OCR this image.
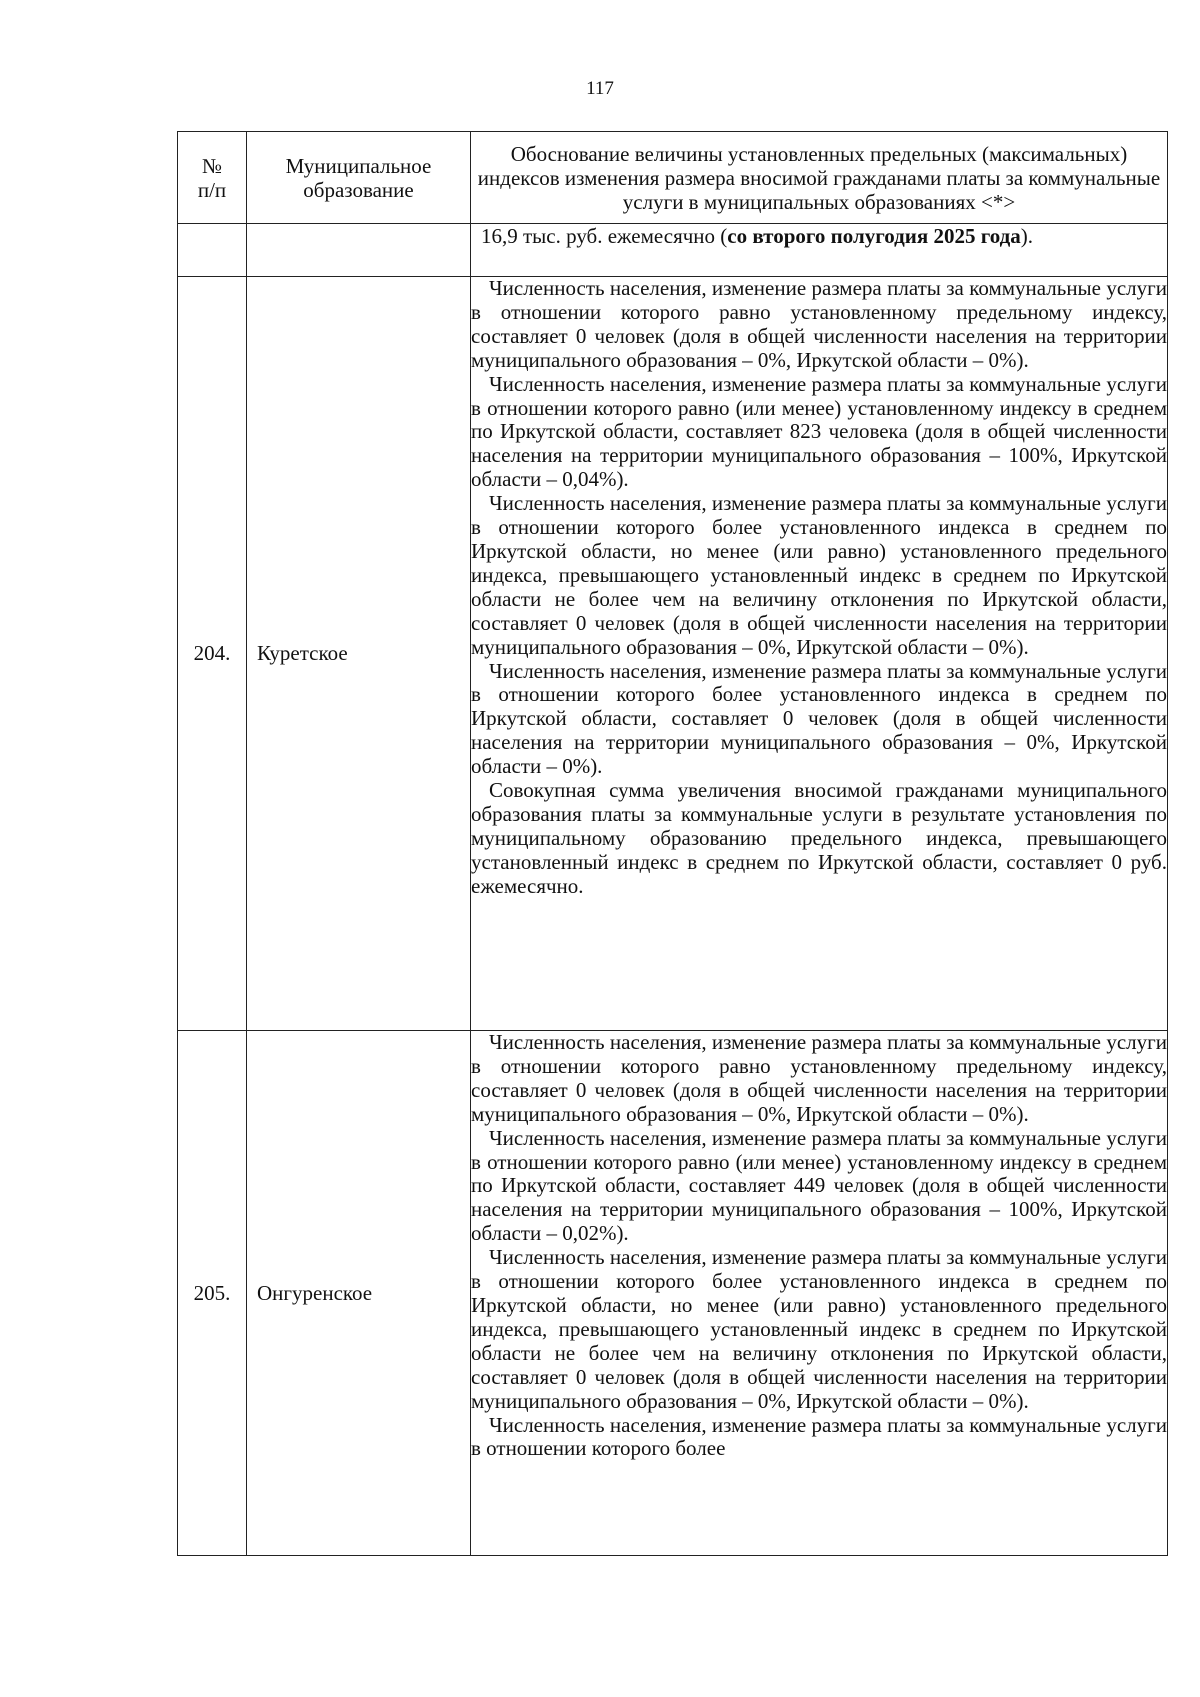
117
№ п/п	Муниципальное образование	Обоснование величины установленных предельных (максимальных) индексов изменения размера вносимой гражданами платы за коммунальные услуги в муниципальных образованиях <*>
		16,9 тыс. руб. ежемесячно (со второго полугодия 2025 года).
204.	Куретское	Численность населения, изменение размера платы за коммунальные услуги в отношении которого равно установленному предельному индексу, составляет 0 человек (доля в общей численности населения на территории муниципального образования – 0%, Иркутской области – 0%).

Численность населения, изменение размера платы за коммунальные услуги в отношении которого равно (или менее) установленному индексу в среднем по Иркутской области, составляет 823 человека (доля в общей численности населения на территории муниципального образования – 100%, Иркутской области – 0,04%).

Численность населения, изменение размера платы за коммунальные услуги в отношении которого более установленного индекса в среднем по Иркутской области, но менее (или равно) установленного предельного индекса, превышающего установленный индекс в среднем по Иркутской области не более чем на величину отклонения по Иркутской области, составляет 0 человек (доля в общей численности населения на территории муниципального образования – 0%, Иркутской области – 0%).

Численность населения, изменение размера платы за коммунальные услуги в отношении которого более установленного индекса в среднем по Иркутской области, составляет 0 человек (доля в общей численности населения на территории муниципального образования – 0%, Иркутской области – 0%).

Совокупная сумма увеличения вносимой гражданами муниципального образования платы за коммунальные услуги в результате установления по муниципальному образованию предельного индекса, превышающего установленный индекс в среднем по Иркутской области, составляет 0 руб. ежемесячно.

205.	Онгуренское	Численность населения, изменение размера платы за коммунальные услуги в отношении которого равно установленному предельному индексу, составляет 0 человек (доля в общей численности населения на территории муниципального образования – 0%, Иркутской области – 0%).

Численность населения, изменение размера платы за коммунальные услуги в отношении которого равно (или менее) установленному индексу в среднем по Иркутской области, составляет 449 человек (доля в общей численности населения на территории муниципального образования – 100%, Иркутской области – 0,02%).

Численность населения, изменение размера платы за коммунальные услуги в отношении которого более установленного индекса в среднем по Иркутской области, но менее (или равно) установленного предельного индекса, превышающего установленный индекс в среднем по Иркутской области не более чем на величину отклонения по Иркутской области, составляет 0 человек (доля в общей численности населения на территории муниципального образования – 0%, Иркутской области – 0%).

Численность населения, изменение размера платы за коммунальные услуги в отношении которого более
